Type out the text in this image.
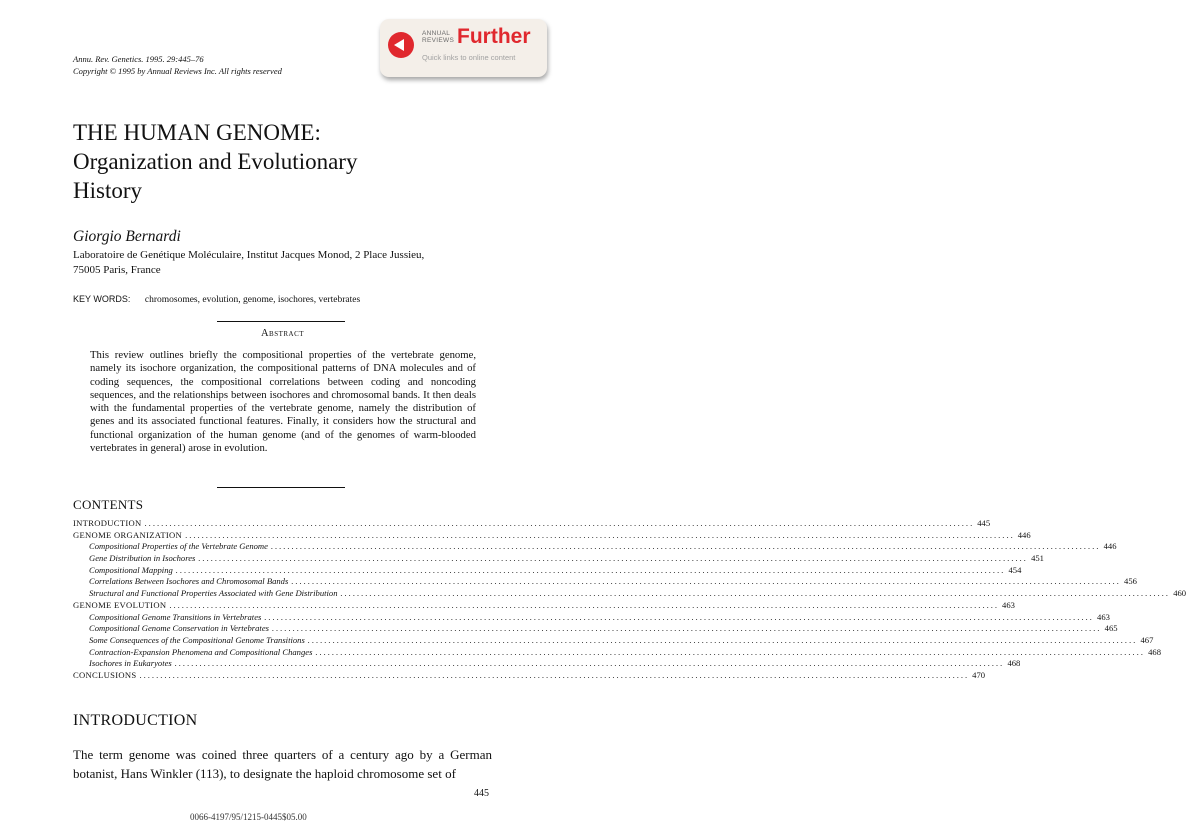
Annu. Rev. Genetics. 1995. 29:445–76
Copyright © 1995 by Annual Reviews Inc. All rights reserved
ANNUAL
REVIEWS Further
Quick links to online content
THE HUMAN GENOME:
Organization and Evolutionary
History
Giorgio Bernardi
Laboratoire de Genétique Moléculaire, Institut Jacques Monod, 2 Place Jussieu,
75005 Paris, France
KEY WORDS: chromosomes, evolution, genome, isochores, vertebrates
Abstract
This review outlines briefly the compositional properties of the vertebrate genome, namely its isochore organization, the compositional patterns of DNA molecules and of coding sequences, the compositional correlations between coding and noncoding sequences, and the relationships between isochores and chromosomal bands. It then deals with the fundamental properties of the vertebrate genome, namely the distribution of genes and its associated functional features. Finally, it considers how the structural and functional organization of the human genome (and of the genomes of warm-blooded vertebrates in general) arose in evolution.
CONTENTS
INTRODUCTION ........................................................................................................................................................................................................ 445
GENOME ORGANIZATION ........................................................................................................................................................................................................ 446
Compositional Properties of the Vertebrate Genome ........................................................................................................................................................................................................ 446
Gene Distribution in Isochores ........................................................................................................................................................................................................ 451
Compositional Mapping ........................................................................................................................................................................................................ 454
Correlations Between Isochores and Chromosomal Bands ........................................................................................................................................................................................................ 456
Structural and Functional Properties Associated with Gene Distribution ........................................................................................................................................................................................................ 460
GENOME EVOLUTION ........................................................................................................................................................................................................ 463
Compositional Genome Transitions in Vertebrates ........................................................................................................................................................................................................ 463
Compositional Genome Conservation in Vertebrates ........................................................................................................................................................................................................ 465
Some Consequences of the Compositional Genome Transitions ........................................................................................................................................................................................................ 467
Contraction-Expansion Phenomena and Compositional Changes ........................................................................................................................................................................................................ 468
Isochores in Eukaryotes ........................................................................................................................................................................................................ 468
CONCLUSIONS ........................................................................................................................................................................................................ 470
INTRODUCTION
The term genome was coined three quarters of a century ago by a German botanist, Hans Winkler (113), to designate the haploid chromosome set of
445
0066-4197/95/1215-0445$05.00
